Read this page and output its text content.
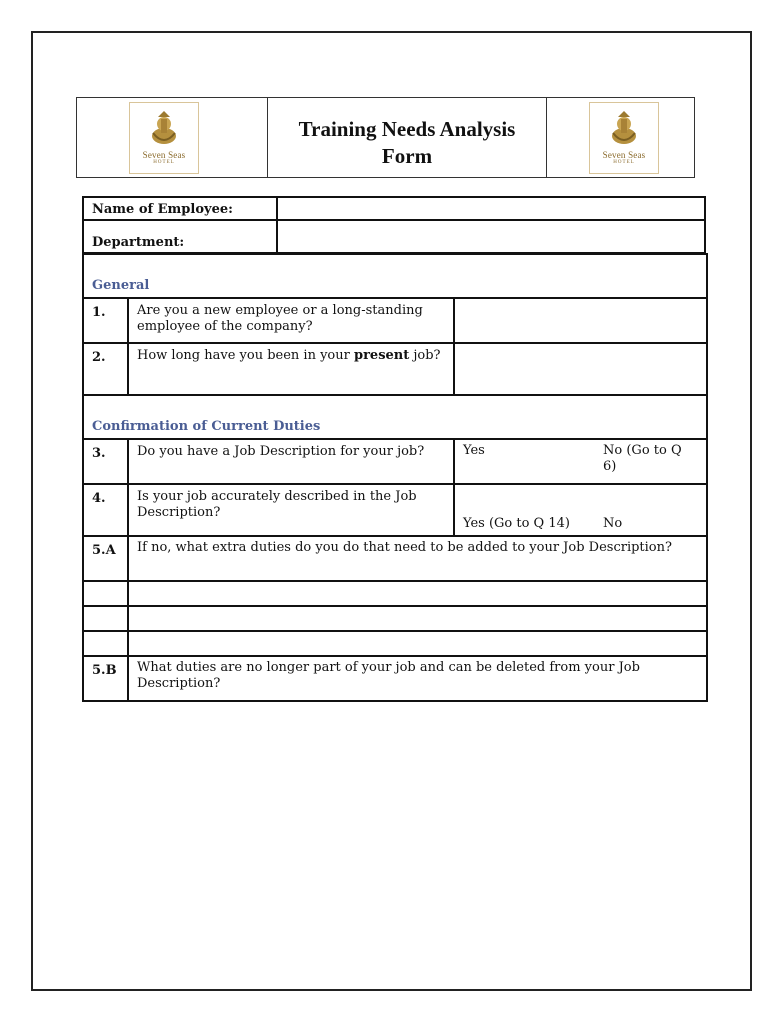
Seven Seas
HOTEL
Training Needs Analysis
Form	Seven Seas
HOTEL
Name of Employee:	
Department:	
General		
1.	Are you a new employee or a long-standing employee of the company?	
2.	How long have you been in your present job?	
Confirmation of Current Duties		
3.	Do you have a Job Description for your job?	Yes No (Go to Q 6)

4.	Is your job accurately described in the Job Description?	Yes (Go to Q 14) No

5.A	If no, what extra duties do you do that need to be added to your Job Description?	

5.B	What duties are no longer part of your job and can be deleted from your Job Description?	
